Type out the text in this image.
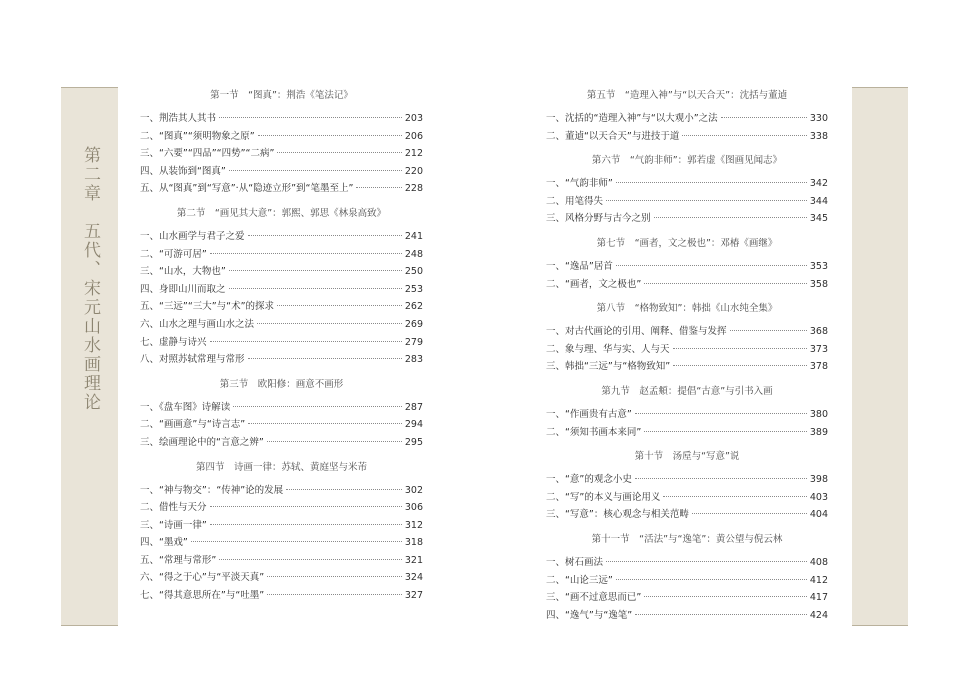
第二章　五代、宋元山水画理论
第一节　“图真”：荆浩《笔法记》
一、荆浩其人其书	203
二、“图真”“须明物象之原”	206
三、“六要”“四品”“四势”“二病”	212
四、从装饰到“图真”	220
五、从“图真”到“写意”·从“隐迹立形”到“笔墨至上”	228
第二节　“画见其大意”：郭熙、郭思《林泉高致》
一、山水画学与君子之爱	241
二、“可游可居”	248
三、“山水，大物也”	250
四、身即山川而取之	253
五、“三远”“三大”与“术”的探求	262
六、山水之理与画山水之法	269
七、虚静与诗兴	279
八、对照苏轼常理与常形	283
第三节　欧阳修：画意不画形
一、《盘车图》诗解读	287
二、“画画意”与“诗言志”	294
三、绘画理论中的“言意之辨”	295
第四节　诗画一律：苏轼、黄庭坚与米芾
一、“神与物交”：“传神”论的发展	302
二、借性与天分	306
三、“诗画一律”	312
四、“墨戏”	318
五、“常理与常形”	321
六、“得之于心”与“平淡天真”	324
七、“得其意思所在”与“吐墨”	327
第五节　“造理入神”与“以天合天”：沈括与董逌
一、沈括的“造理入神”与“以大观小”之法	330
二、董逌“以天合天”与进技于道	338
第六节　“气韵非师”：郭若虚《图画见闻志》
一、“气韵非师”	342
二、用笔得失	344
三、风格分野与古今之别	345
第七节　“画者，文之极也”：邓椿《画继》
一、“逸品”居首	353
二、“画者，文之极也”	358
第八节　“格物致知”：韩拙《山水纯全集》
一、对古代画论的引用、阐释、借鉴与发挥	368
二、象与理、华与实、人与天	373
三、韩拙“三远”与“格物致知”	378
第九节　赵孟頫：提倡“古意”与引书入画
一、“作画贵有古意”	380
二、“须知书画本来同”	389
第十节　汤垕与“写意”说
一、“意”的观念小史	398
二、“写”的本义与画论用义	403
三、“写意”：核心观念与相关范畴	404
第十一节　“活法”与“逸笔”：黄公望与倪云林
一、树石画法	408
二、“山论三远”	412
三、“画不过意思而已”	417
四、“逸气”与“逸笔”	424
